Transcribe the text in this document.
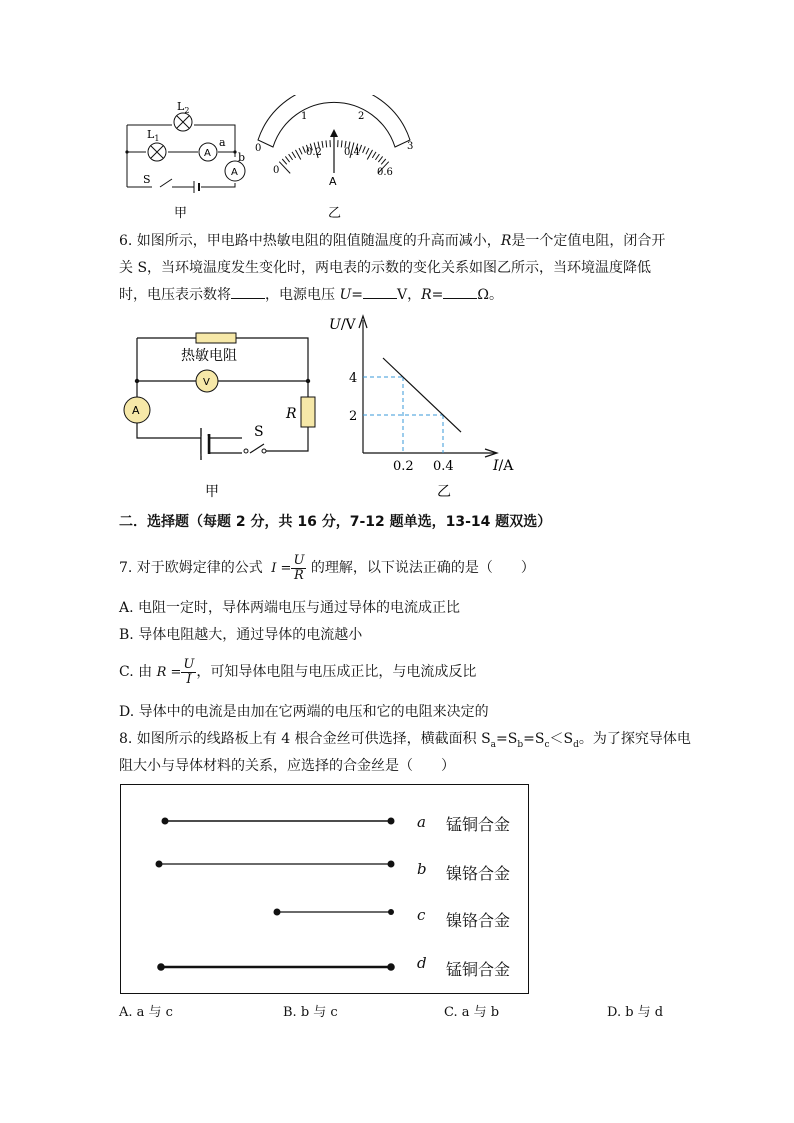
$L_2$
$L_1$
A
A
a
b
S
甲
0
1	2
3
0
0.2 0.4
0.6
A
乙
6. 如图所示，甲电路中热敏电阻的阻值随温度的升高而减小，R是一个定值电阻，闭合开
关 S，当环境温度发生变化时，两电表的示数的变化关系如图乙所示，当环境温度降低
时，电压表示数将 ，电源电压 U= V，R= Ω。
热敏电阻
V
A
S
R
甲
U/V
I/A
4
2
0.2 0.4
乙
二．选择题（每题 2 分，共 16 分，7-12 题单选，13-14 题双选）
7. 对于欧姆定律的公式 $I = \frac{U}{R}$ 的理解，以下说法正确的是（　　）
A. 电阻一定时，导体两端电压与通过导体的电流成正比
B. 导体电阻越大，通过导体的电流越小
C. 由 $R = \frac{U}{I}$ ，可知导体电阻与电压成正比，与电流成反比
D. 导体中的电流是由加在它两端的电压和它的电阻来决定的
8. 如图所示的线路板上有 4 根合金丝可供选择，横截面积 $S_a=S_b=S_c<S_d$。为了探究导体电
阻大小与导体材料的关系，应选择的合金丝是（　　）
a 锰铜合金
b 镍铬合金
c 镍铬合金
d 锰铜合金
A. a 与 c	B. b 与 c	C. a 与 b	D. b 与 d
